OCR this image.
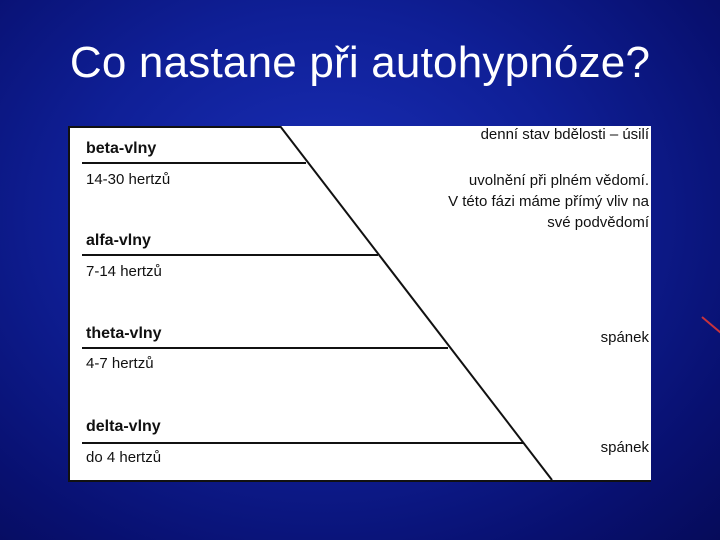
Co nastane při autohypnóze?
beta-vlny
14-30 hertzů
alfa-vlny
7-14 hertzů
theta-vlny
4-7 hertzů
delta-vlny
do 4 hertzů
denní stav bdělosti – úsilí
uvolnění při plném vědomí.
V této fázi máme přímý vliv na
své podvědomí
spánek
spánek
